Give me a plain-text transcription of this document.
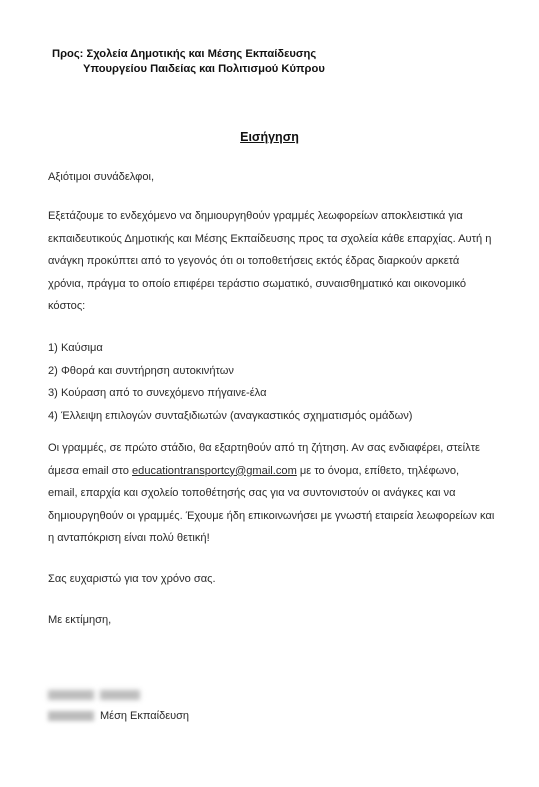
Προς: Σχολεία Δημοτικής και Μέσης Εκπαίδευσης
Υπουργείου Παιδείας και Πολιτισμού Κύπρου
Εισήγηση
Αξιότιμοι συνάδελφοι,
Εξετάζουμε το ενδεχόμενο να δημιουργηθούν γραμμές λεωφορείων αποκλειστικά για
εκπαιδευτικούς Δημοτικής και Μέσης Εκπαίδευσης προς τα σχολεία κάθε επαρχίας. Αυτή η
ανάγκη προκύπτει από το γεγονός ότι οι τοποθετήσεις εκτός έδρας διαρκούν αρκετά
χρόνια, πράγμα το οποίο επιφέρει τεράστιο σωματικό, συναισθηματικό και οικονομικό
κόστος:
1) Καύσιμα
2) Φθορά και συντήρηση αυτοκινήτων
3) Κούραση από το συνεχόμενο πήγαινε-έλα
4) Έλλειψη επιλογών συνταξιδιωτών (αναγκαστικός σχηματισμός ομάδων)
Οι γραμμές, σε πρώτο στάδιο, θα εξαρτηθούν από τη ζήτηση. Αν σας ενδιαφέρει, στείλτε
άμεσα email στο educationtransportcy@gmail.com με το όνομα, επίθετο, τηλέφωνο,
email, επαρχία και σχολείο τοποθέτησής σας για να συντονιστούν οι ανάγκες και να
δημιουργηθούν οι γραμμές. Έχουμε ήδη επικοινωνήσει με γνωστή εταιρεία λεωφορείων και
η ανταπόκριση είναι πολύ θετική!
Σας ευχαριστώ για τον χρόνο σας.
Με εκτίμηση,
Μέση Εκπαίδευση
